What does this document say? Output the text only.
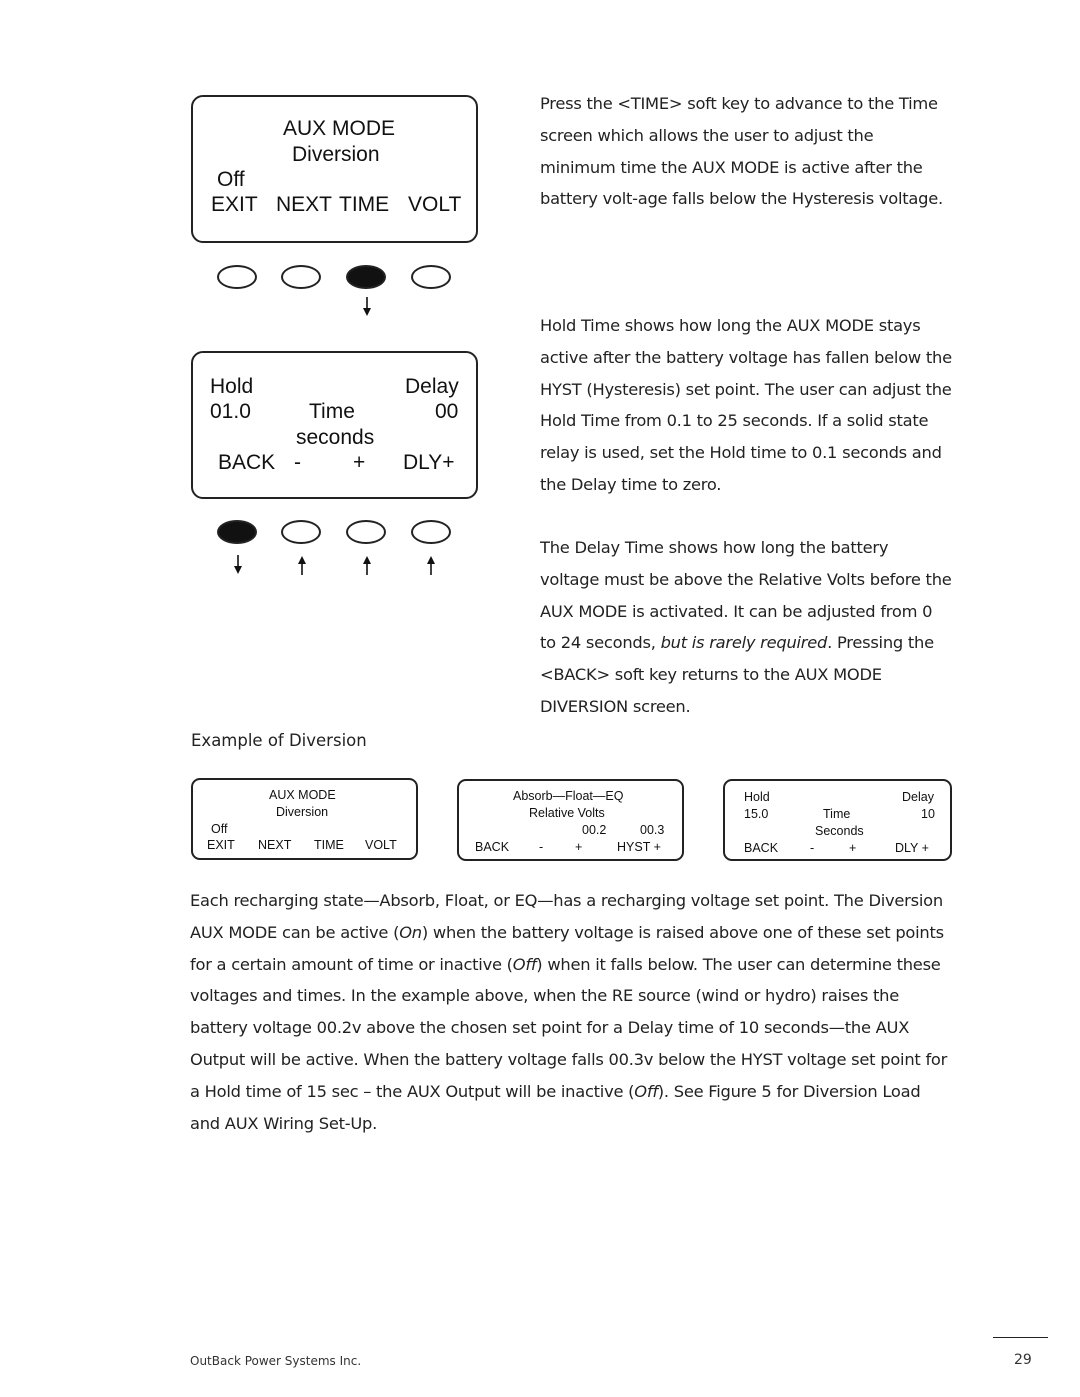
AUX MODE
Diversion
Off
EXIT NEXT TIME VOLT
Hold	Delay
01.0	Time	00
seconds
BACK - + DLY+

Press the <TIME> soft key to advance to the Time screen which allows the user to adjust the minimum time the AUX MODE is active after the battery volt-age falls below the Hysteresis voltage.

Hold Time shows how long the AUX MODE stays active after the battery voltage has fallen below the HYST (Hysteresis) set point. The user can adjust the Hold Time from 0.1 to 25 seconds. If a solid state relay is used, set the Hold time to 0.1 seconds and the Delay time to zero.

The Delay Time shows how long the battery voltage must be above the Relative Volts before the AUX MODE is activated. It can be adjusted from 0 to 24 seconds, but is rarely required. Pressing the <BACK> soft key returns to the AUX MODE DIVERSION screen.

Example of Diversion
AUX MODE
Diversion
Off
EXIT NEXT TIME VOLT
Absorb—Float—EQ
Relative Volts
00.2	00.3
BACK -	+	HYST +
Hold	Delay
15.0	Time	10
Seconds
BACK	-	+	DLY +

Each recharging state—Absorb, Float, or EQ—has a recharging voltage set point. The Diversion AUX MODE can be active (On) when the battery voltage is raised above one of these set points for a certain amount of time or inactive (Off) when it falls below. The user can determine these voltages and times. In the example above, when the RE source (wind or hydro) raises the battery voltage 00.2v above the chosen set point for a Delay time of 10 seconds—the AUX Output will be active. When the battery voltage falls 00.3v below the HYST voltage set point for a Hold time of 15 sec – the AUX Output will be inactive (Off). See Figure 5 for Diversion Load and AUX Wiring Set-Up.

OutBack Power Systems Inc.	29
